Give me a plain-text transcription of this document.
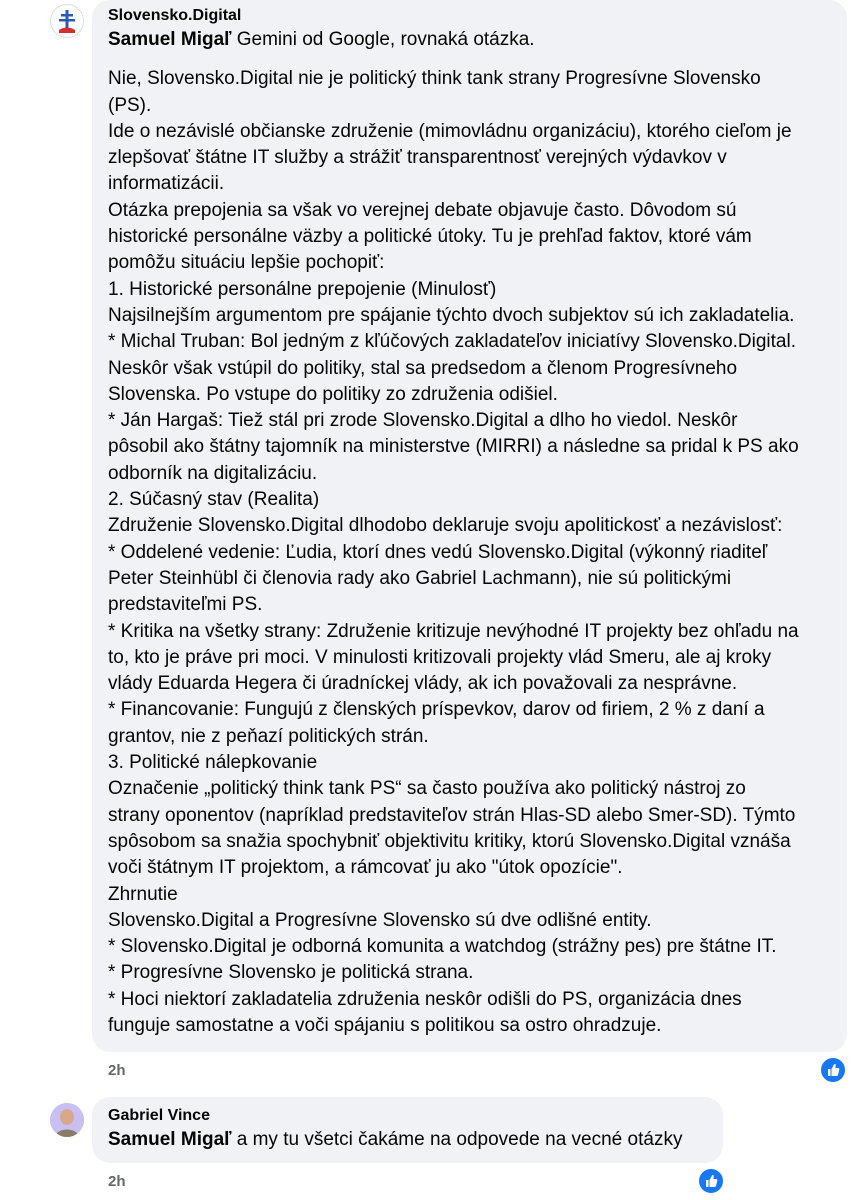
Slovensko.Digital
Samuel Migaľ Gemini od Google, rovnaká otázka.
Nie, Slovensko.Digital nie je politický think tank strany Progresívne Slovensko
(PS).
Ide o nezávislé občianske združenie (mimovládnu organizáciu), ktorého cieľom je
zlepšovať štátne IT služby a strážiť transparentnosť verejných výdavkov v
informatizácii.
Otázka prepojenia sa však vo verejnej debate objavuje často. Dôvodom sú
historické personálne väzby a politické útoky. Tu je prehľad faktov, ktoré vám
pomôžu situáciu lepšie pochopiť:
1. Historické personálne prepojenie (Minulosť)
Najsilnejším argumentom pre spájanie týchto dvoch subjektov sú ich zakladatelia.
* Michal Truban: Bol jedným z kľúčových zakladateľov iniciatívy Slovensko.Digital.
Neskôr však vstúpil do politiky, stal sa predsedom a členom Progresívneho
Slovenska. Po vstupe do politiky zo združenia odišiel.
* Ján Hargaš: Tiež stál pri zrode Slovensko.Digital a dlho ho viedol. Neskôr
pôsobil ako štátny tajomník na ministerstve (MIRRI) a následne sa pridal k PS ako
odborník na digitalizáciu.
2. Súčasný stav (Realita)
Združenie Slovensko.Digital dlhodobo deklaruje svoju apolitickosť a nezávislosť:
* Oddelené vedenie: Ľudia, ktorí dnes vedú Slovensko.Digital (výkonný riaditeľ
Peter Steinhübl či členovia rady ako Gabriel Lachmann), nie sú politickými
predstaviteľmi PS.
* Kritika na všetky strany: Združenie kritizuje nevýhodné IT projekty bez ohľadu na
to, kto je práve pri moci. V minulosti kritizovali projekty vlád Smeru, ale aj kroky
vlády Eduarda Hegera či úradníckej vlády, ak ich považovali za nesprávne.
* Financovanie: Fungujú z členských príspevkov, darov od firiem, 2 % z daní a
grantov, nie z peňazí politických strán.
3. Politické nálepkovanie
Označenie „politický think tank PS“ sa často používa ako politický nástroj zo
strany oponentov (napríklad predstaviteľov strán Hlas-SD alebo Smer-SD). Týmto
spôsobom sa snažia spochybniť objektivitu kritiky, ktorú Slovensko.Digital vznáša
voči štátnym IT projektom, a rámcovať ju ako "útok opozície".
Zhrnutie
Slovensko.Digital a Progresívne Slovensko sú dve odlišné entity.
* Slovensko.Digital je odborná komunita a watchdog (strážny pes) pre štátne IT.
* Progresívne Slovensko je politická strana.
* Hoci niektorí zakladatelia združenia neskôr odišli do PS, organizácia dnes
funguje samostatne a voči spájaniu s politikou sa ostro ohradzuje.
2h
Gabriel Vince
Samuel Migaľ a my tu všetci čakáme na odpovede na vecné otázky
2h
